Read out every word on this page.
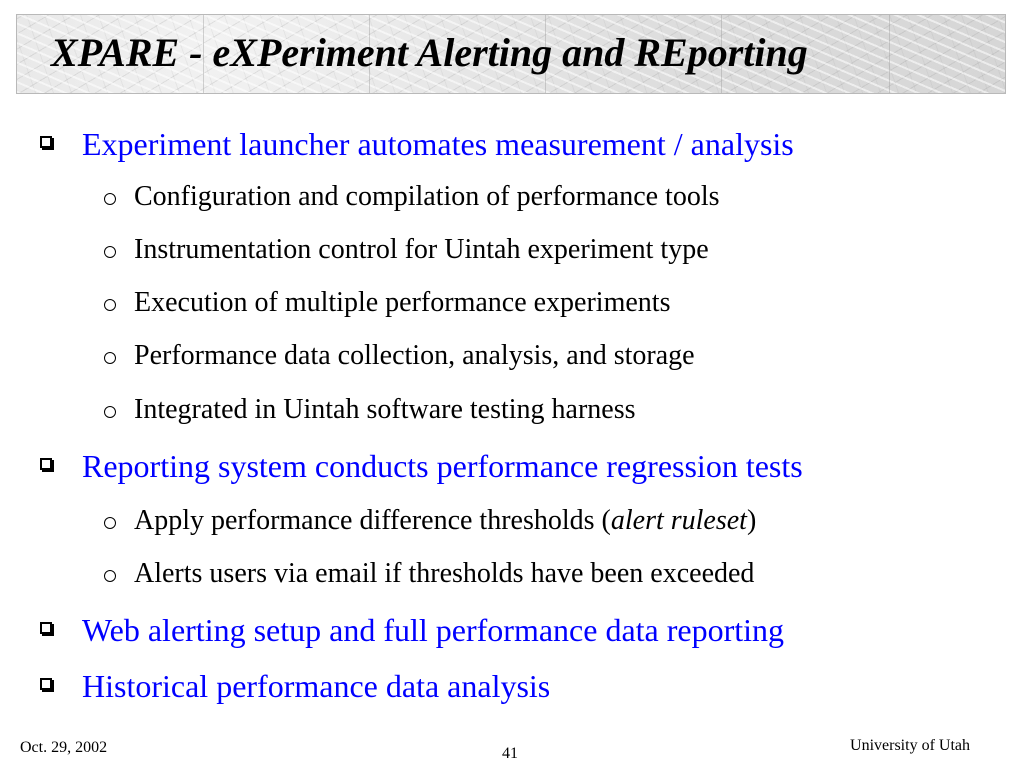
XPARE - eXPeriment Alerting and REporting
Experiment launcher automates measurement / analysis
Configuration and compilation of performance tools
Instrumentation control for Uintah experiment type
Execution of multiple performance experiments
Performance data collection, analysis, and storage
Integrated in Uintah software testing harness
Reporting system conducts performance regression tests
Apply performance difference thresholds (alert ruleset)
Alerts users via email if thresholds have been exceeded
Web alerting setup and full performance data reporting
Historical performance data analysis
Oct. 29, 2002	41	University of Utah
